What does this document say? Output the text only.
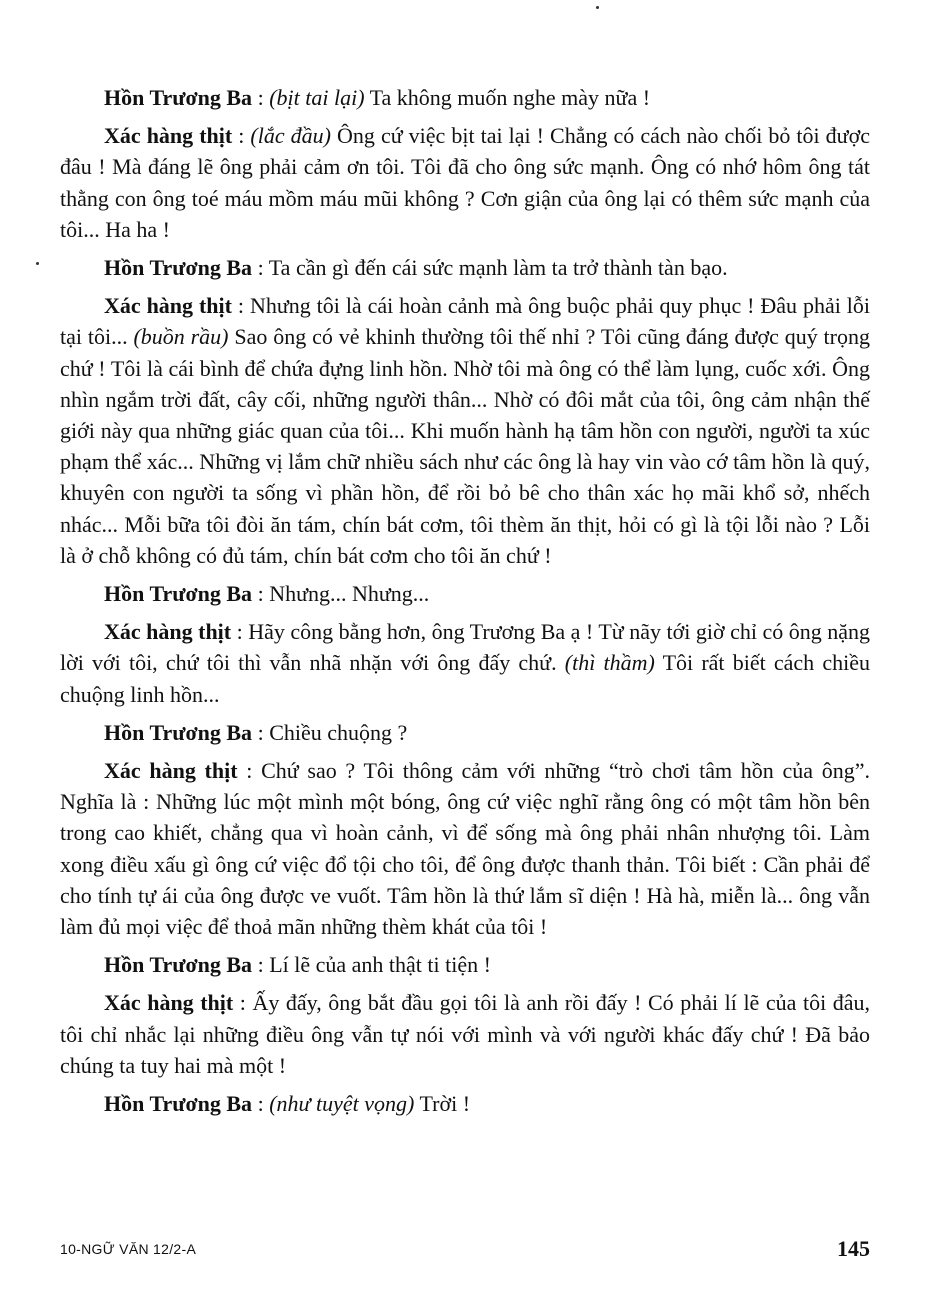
Hồn Trương Ba : (bịt tai lại) Ta không muốn nghe mày nữa !

Xác hàng thịt : (lắc đầu) Ông cứ việc bịt tai lại ! Chẳng có cách nào chối bỏ tôi được đâu ! Mà đáng lẽ ông phải cảm ơn tôi. Tôi đã cho ông sức mạnh. Ông có nhớ hôm ông tát thằng con ông toé máu mồm máu mũi không ? Cơn giận của ông lại có thêm sức mạnh của tôi... Ha ha !

Hồn Trương Ba : Ta cần gì đến cái sức mạnh làm ta trở thành tàn bạo.

Xác hàng thịt : Nhưng tôi là cái hoàn cảnh mà ông buộc phải quy phục ! Đâu phải lỗi tại tôi... (buồn rầu) Sao ông có vẻ khinh thường tôi thế nhỉ ? Tôi cũng đáng được quý trọng chứ ! Tôi là cái bình để chứa đựng linh hồn. Nhờ tôi mà ông có thể làm lụng, cuốc xới. Ông nhìn ngắm trời đất, cây cối, những người thân... Nhờ có đôi mắt của tôi, ông cảm nhận thế giới này qua những giác quan của tôi... Khi muốn hành hạ tâm hồn con người, người ta xúc phạm thể xác... Những vị lắm chữ nhiều sách như các ông là hay vin vào cớ tâm hồn là quý, khuyên con người ta sống vì phần hồn, để rồi bỏ bê cho thân xác họ mãi khổ sở, nhếch nhác... Mỗi bữa tôi đòi ăn tám, chín bát cơm, tôi thèm ăn thịt, hỏi có gì là tội lỗi nào ? Lỗi là ở chỗ không có đủ tám, chín bát cơm cho tôi ăn chứ !

Hồn Trương Ba : Nhưng... Nhưng...

Xác hàng thịt : Hãy công bằng hơn, ông Trương Ba ạ ! Từ nãy tới giờ chỉ có ông nặng lời với tôi, chứ tôi thì vẫn nhã nhặn với ông đấy chứ. (thì thầm) Tôi rất biết cách chiều chuộng linh hồn...

Hồn Trương Ba : Chiều chuộng ?

Xác hàng thịt : Chứ sao ? Tôi thông cảm với những “trò chơi tâm hồn của ông”. Nghĩa là : Những lúc một mình một bóng, ông cứ việc nghĩ rằng ông có một tâm hồn bên trong cao khiết, chẳng qua vì hoàn cảnh, vì để sống mà ông phải nhân nhượng tôi. Làm xong điều xấu gì ông cứ việc đổ tội cho tôi, để ông được thanh thản. Tôi biết : Cần phải để cho tính tự ái của ông được ve vuốt. Tâm hồn là thứ lắm sĩ diện ! Hà hà, miễn là... ông vẫn làm đủ mọi việc để thoả mãn những thèm khát của tôi !

Hồn Trương Ba : Lí lẽ của anh thật ti tiện !

Xác hàng thịt : Ấy đấy, ông bắt đầu gọi tôi là anh rồi đấy ! Có phải lí lẽ của tôi đâu, tôi chỉ nhắc lại những điều ông vẫn tự nói với mình và với người khác đấy chứ ! Đã bảo chúng ta tuy hai mà một !

Hồn Trương Ba : (như tuyệt vọng) Trời !

10-NGỮ VĂN 12/2-A	145
